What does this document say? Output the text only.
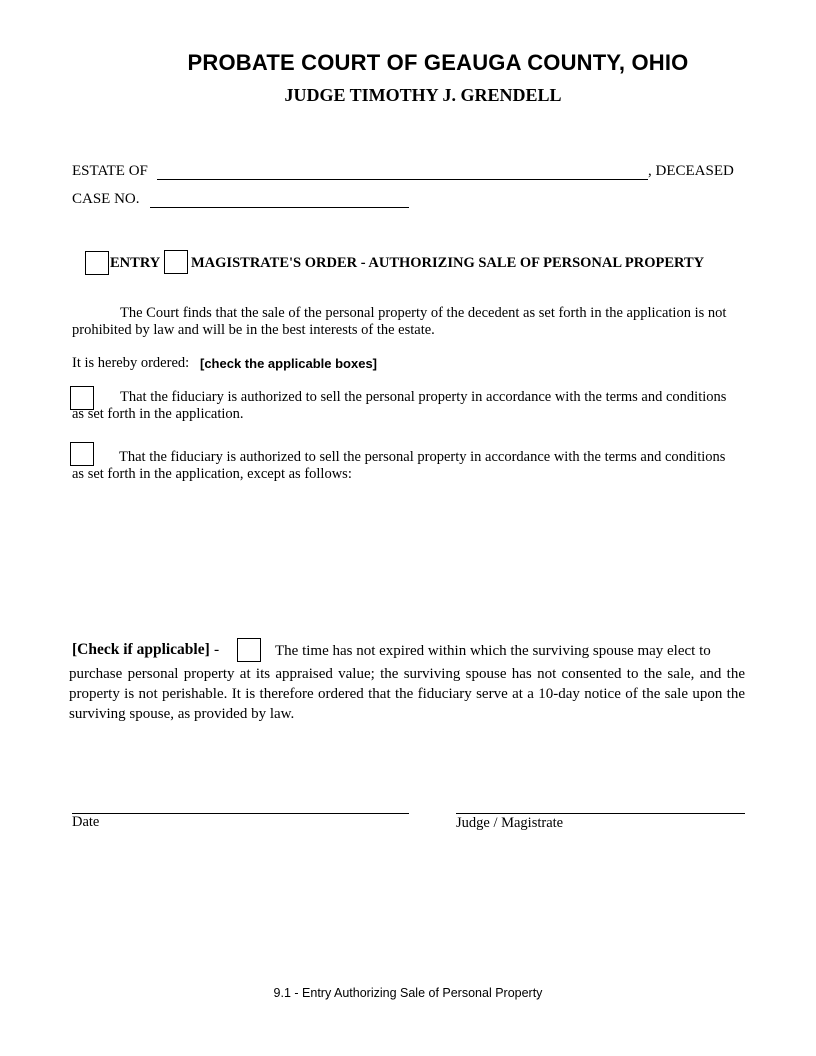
PROBATE COURT OF GEAUGA COUNTY, OHIO
JUDGE TIMOTHY J. GRENDELL
ESTATE OF	, DECEASED
CASE NO.
ENTRY MAGISTRATE'S ORDER - AUTHORIZING SALE OF PERSONAL PROPERTY
The Court finds that the sale of the personal property of the decedent as set forth in the application is not prohibited by law and will be in the best interests of the estate.
It is hereby ordered: [check the applicable boxes]
That the fiduciary is authorized to sell the personal property in accordance with the terms and conditions
as set forth in the application.
That the fiduciary is authorized to sell the personal property in accordance with the terms and conditions
as set forth in the application, except as follows:
[Check if applicable] -	The time has not expired within which the surviving spouse may elect to
purchase personal property at its appraised value; the surviving spouse has not consented to the sale, and the property is not perishable. It is therefore ordered that the fiduciary serve at a 10-day notice of the sale upon the surviving spouse, as provided by law.
Date	Judge / Magistrate
9.1 - Entry Authorizing Sale of Personal Property
